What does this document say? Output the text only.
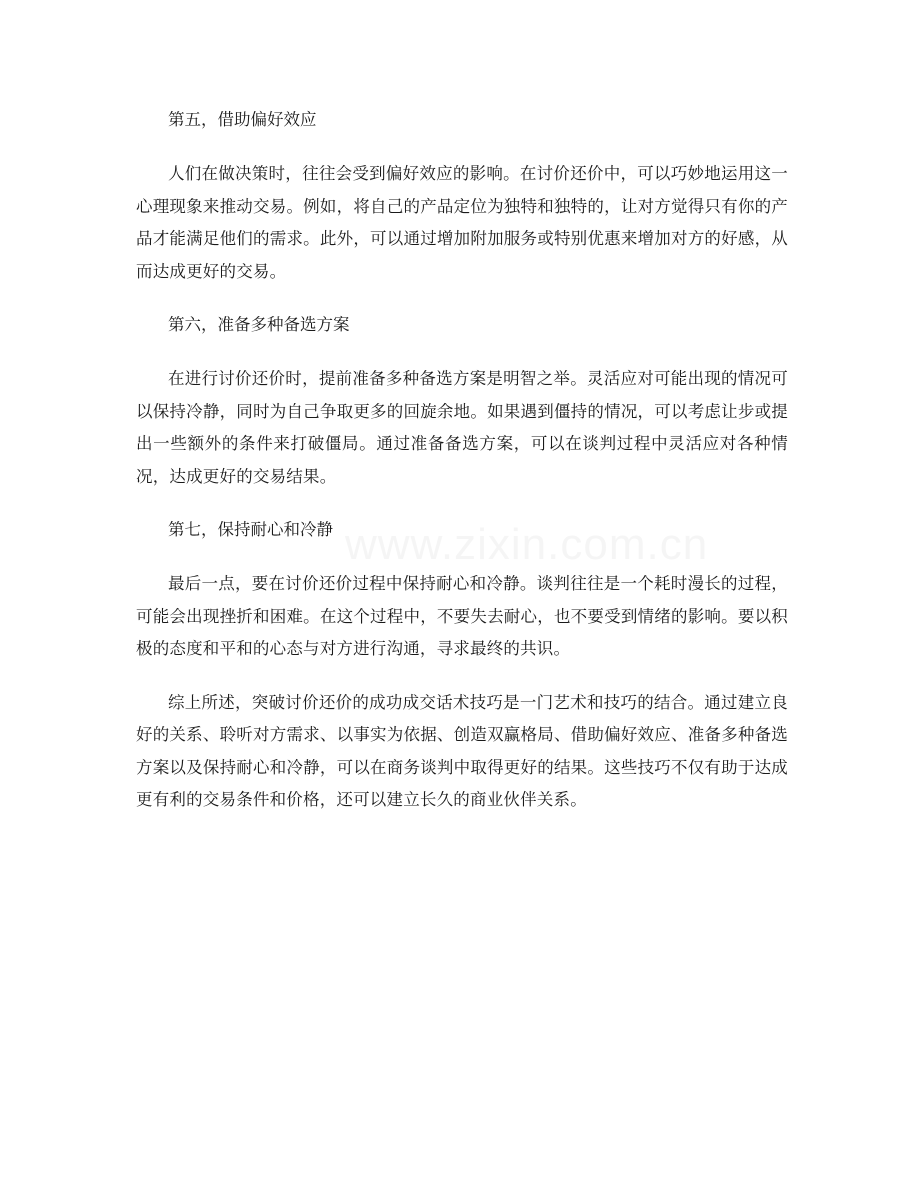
第五，借助偏好效应

人们在做决策时，往往会受到偏好效应的影响。在讨价还价中，可以巧妙地运用这一心理现象来推动交易。例如，将自己的产品定位为独特和独特的，让对方觉得只有你的产品才能满足他们的需求。此外，可以通过增加附加服务或特别优惠来增加对方的好感，从而达成更好的交易。

第六，准备多种备选方案

在进行讨价还价时，提前准备多种备选方案是明智之举。灵活应对可能出现的情况可以保持冷静，同时为自己争取更多的回旋余地。如果遇到僵持的情况，可以考虑让步或提出一些额外的条件来打破僵局。通过准备备选方案，可以在谈判过程中灵活应对各种情况，达成更好的交易结果。

第七，保持耐心和冷静

最后一点，要在讨价还价过程中保持耐心和冷静。谈判往往是一个耗时漫长的过程，可能会出现挫折和困难。在这个过程中，不要失去耐心，也不要受到情绪的影响。要以积极的态度和平和的心态与对方进行沟通，寻求最终的共识。

综上所述，突破讨价还价的成功成交话术技巧是一门艺术和技巧的结合。通过建立良好的关系、聆听对方需求、以事实为依据、创造双赢格局、借助偏好效应、准备多种备选方案以及保持耐心和冷静，可以在商务谈判中取得更好的结果。这些技巧不仅有助于达成更有利的交易条件和价格，还可以建立长久的商业伙伴关系。

www.zixin.com.cn
